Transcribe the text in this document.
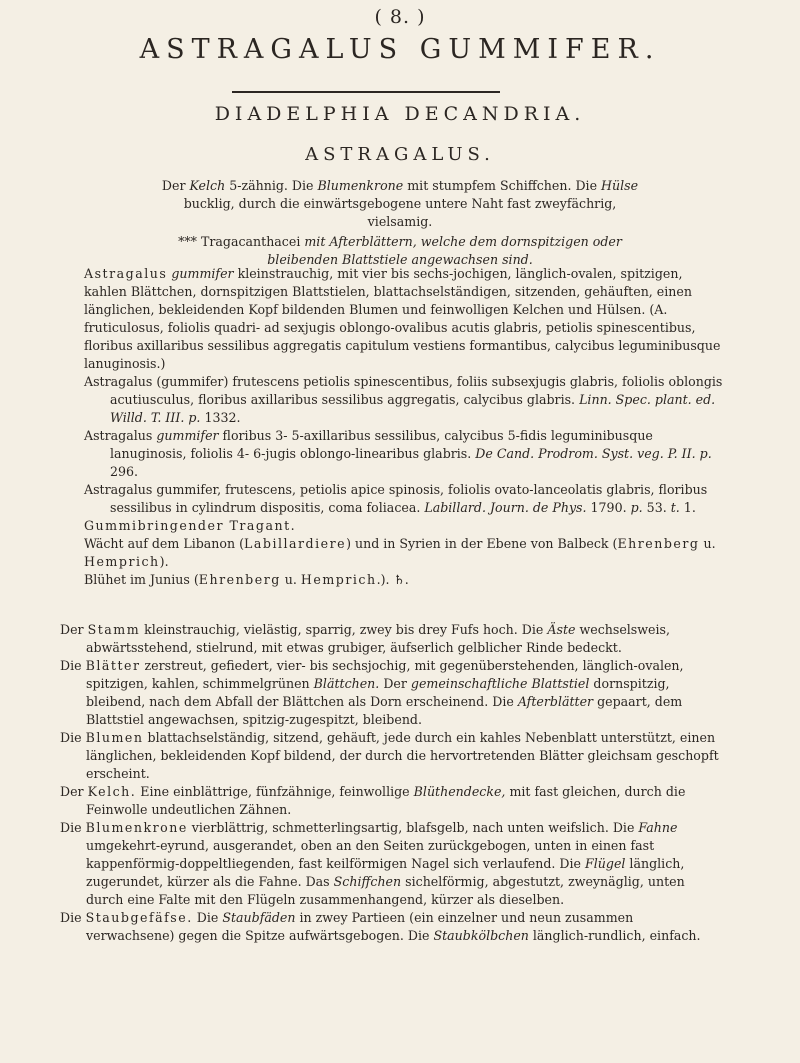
( 8. )
ASTRAGALUS GUMMIFER.
DIADELPHIA DECANDRIA.
ASTRAGALUS.

Der Kelch 5-zähnig. Die Blumenkrone mit stumpfem Schiffchen. Die Hülse bucklig, durch die einwärtsgebogene untere Naht fast zweyfächrig, vielsamig.

*** Tragacanthacei mit Afterblättern, welche dem dornspitzigen oder bleibenden Blattstiele angewachsen sind.

Astragalus gummifer kleinstrauchig, mit vier bis sechs-jochigen, länglich-ovalen, spitzigen, kahlen Blättchen, dornspitzigen Blattstielen, blattachselständigen, sitzenden, gehäuften, einen länglichen, bekleidenden Kopf bildenden Blumen und feinwolligen Kelchen und Hülsen. (A. fruticulosus, foliolis quadri- ad sexjugis oblongo-ovalibus acutis glabris, petiolis spinescentibus, floribus axillaribus sessilibus aggregatis capitulum vestiens formantibus, calycibus leguminibusque lanuginosis.)

Astragalus (gummifer) frutescens petiolis spinescentibus, foliis subsexjugis glabris, foliolis oblongis acutiusculus, floribus axillaribus sessilibus aggregatis, calycibus glabris. Linn. Spec. plant. ed. Willd. T. III. p. 1332.

Astragalus gummifer floribus 3- 5-axillaribus sessilibus, calycibus 5-fidis leguminibusque lanuginosis, foliolis 4- 6-jugis oblongo-linearibus glabris. De Cand. Prodrom. Syst. veg. P. II. p. 296.

Astragalus gummifer, frutescens, petiolis apice spinosis, foliolis ovato-lanceolatis glabris, floribus sessilibus in cylindrum dispositis, coma foliacea. Labillard. Journ. de Phys. 1790. p. 53. t. 1.

Gummibringender Tragant.

Wächt auf dem Libanon (Labillardiere) und in Syrien in der Ebene von Balbeck (Ehrenberg u. Hemprich).

Blühet im Junius (Ehrenberg u. Hemprich.). ♄.

Der Stamm kleinstrauchig, vielästig, sparrig, zwey bis drey Fufs hoch. Die Äste wechselsweis, abwärtsstehend, stielrund, mit etwas grubiger, äufserlich gelblicher Rinde bedeckt.

Die Blätter zerstreut, gefiedert, vier- bis sechsjochig, mit gegenüberstehenden, länglich-ovalen, spitzigen, kahlen, schimmelgrünen Blättchen. Der gemeinschaftliche Blattstiel dornspitzig, bleibend, nach dem Abfall der Blättchen als Dorn erscheinend. Die Afterblätter gepaart, dem Blattstiel angewachsen, spitzig-zugespitzt, bleibend.

Die Blumen blattachselständig, sitzend, gehäuft, jede durch ein kahles Nebenblatt unterstützt, einen länglichen, bekleidenden Kopf bildend, der durch die hervortretenden Blätter gleichsam geschopft erscheint.

Der Kelch. Eine einblättrige, fünfzähnige, feinwollige Blüthendecke, mit fast gleichen, durch die Feinwolle undeutlichen Zähnen.

Die Blumenkrone vierblättrig, schmetterlingsartig, blafsgelb, nach unten weifslich. Die Fahne umgekehrt-eyrund, ausgerandet, oben an den Seiten zurückgebogen, unten in einen fast kappenförmig-doppeltliegenden, fast keilförmigen Nagel sich verlaufend. Die Flügel länglich, zugerundet, kürzer als die Fahne. Das Schiffchen sichelförmig, abgestutzt, zweynäglig, unten durch eine Falte mit den Flügeln zusammenhangend, kürzer als dieselben.

Die Staubgefäfse. Die Staubfäden in zwey Partieen (ein einzelner und neun zusammen verwachsene) gegen die Spitze aufwärtsgebogen. Die Staubkölbchen länglich-rundlich, einfach.
